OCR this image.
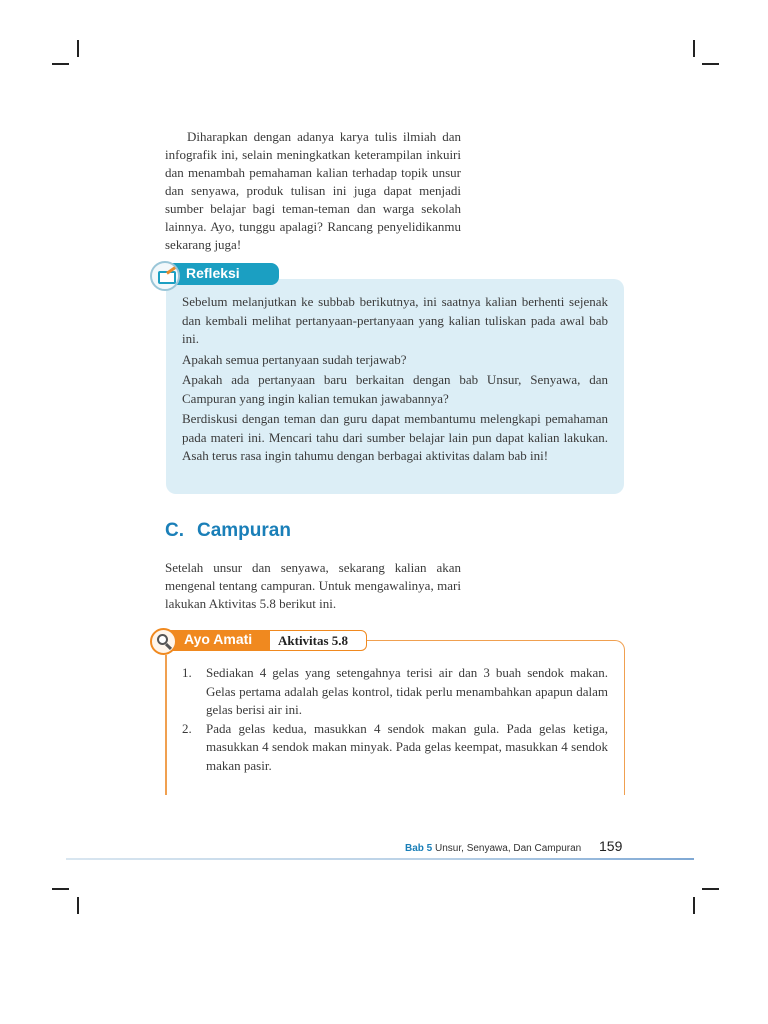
Diharapkan dengan adanya karya tulis ilmiah dan infografik ini, selain meningkatkan keterampilan inkuiri dan menambah pemahaman kalian terhadap topik unsur dan senyawa, produk tulisan ini juga dapat menjadi sumber belajar bagi teman-teman dan warga sekolah lainnya. Ayo, tunggu apalagi? Rancang penyelidikanmu sekarang juga!

Refleksi

Sebelum melanjutkan ke subbab berikutnya, ini saatnya kalian berhenti sejenak dan kembali melihat pertanyaan-pertanyaan yang kalian tuliskan pada awal bab ini.

Apakah semua pertanyaan sudah terjawab?

Apakah ada pertanyaan baru berkaitan dengan bab Unsur, Senyawa, dan Campuran yang ingin kalian temukan jawabannya?

Berdiskusi dengan teman dan guru dapat membantumu melengkapi pemahaman pada materi ini. Mencari tahu dari sumber belajar lain pun dapat kalian lakukan. Asah terus rasa ingin tahumu dengan berbagai aktivitas dalam bab ini!

C. Campuran

Setelah unsur dan senyawa, sekarang kalian akan mengenal tentang campuran. Untuk mengawalinya, mari lakukan Aktivitas 5.8 berikut ini.

Ayo Amati Aktivitas 5.8
1. Sediakan 4 gelas yang setengahnya terisi air dan 3 buah sendok makan. Gelas pertama adalah gelas kontrol, tidak perlu menambahkan apapun dalam gelas berisi air ini.
2. Pada gelas kedua, masukkan 4 sendok makan gula. Pada gelas ketiga, masukkan 4 sendok makan minyak. Pada gelas keempat, masukkan 4 sendok makan pasir.
Bab 5 Unsur, Senyawa, Dan Campuran 159
